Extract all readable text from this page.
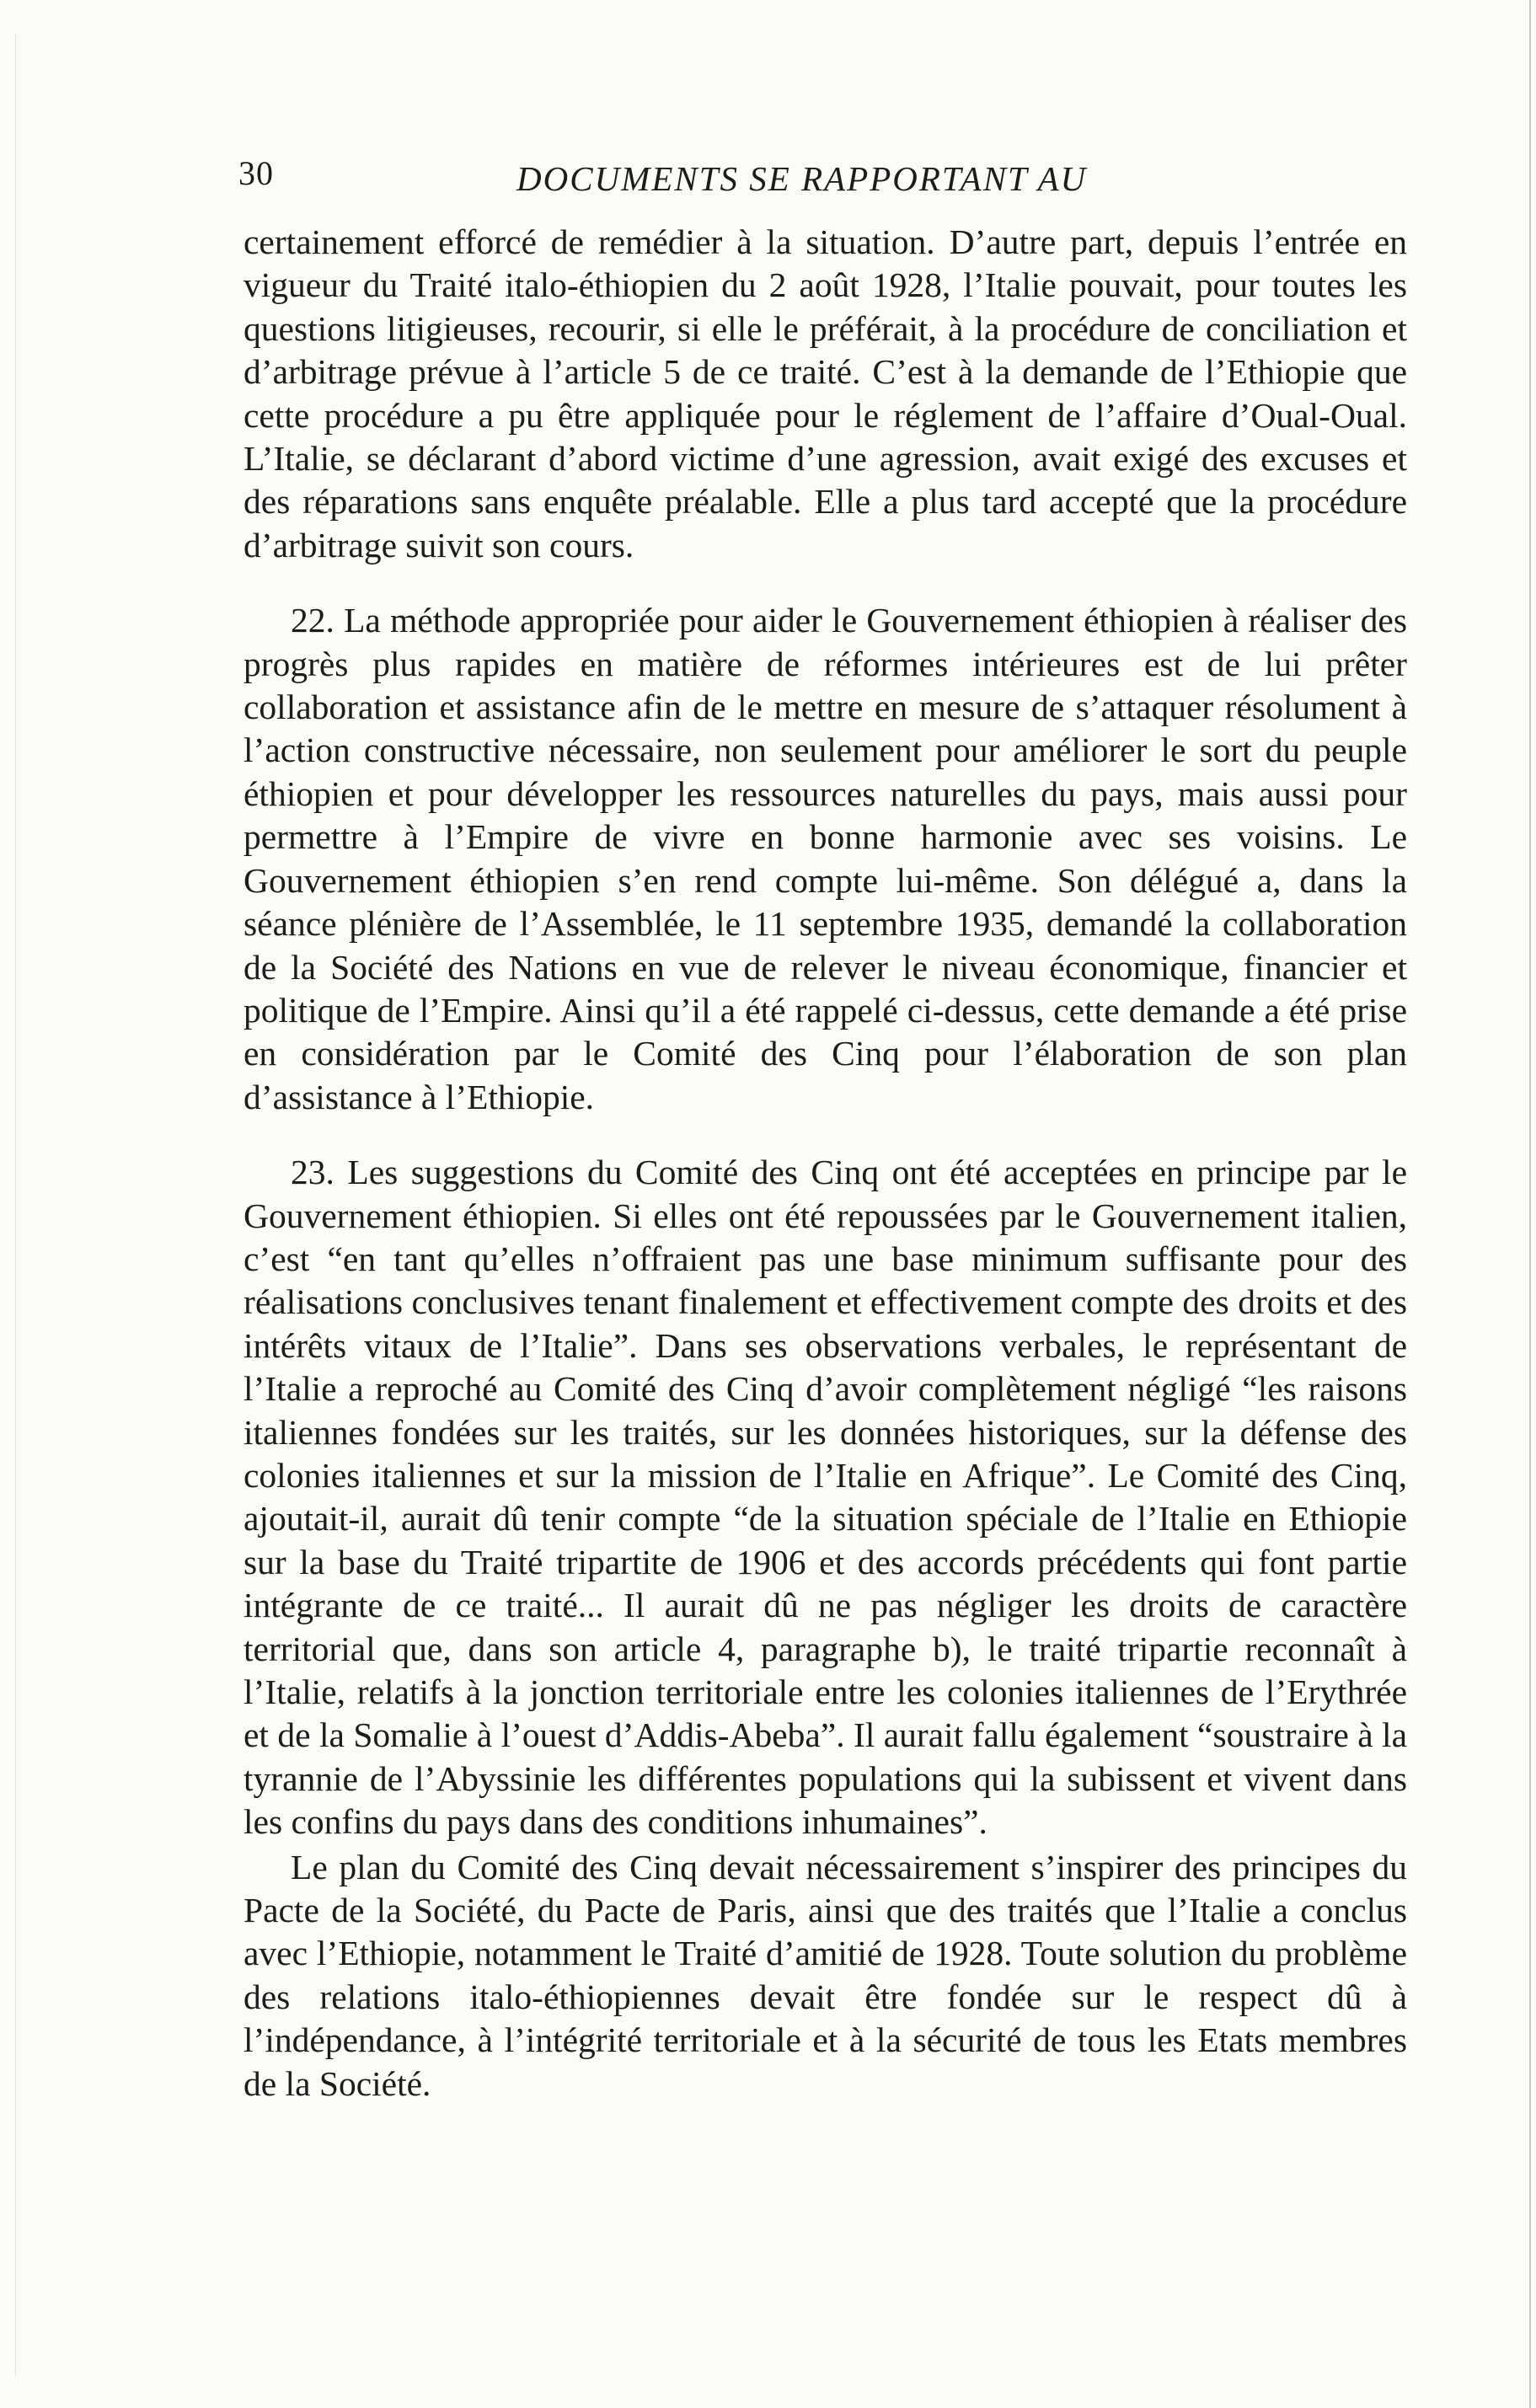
30	DOCUMENTS SE RAPPORTANT AU

certainement efforcé de remédier à la situation. D’autre part, depuis l’entrée en vigueur du Traité italo-éthiopien du 2 août 1928, l’Italie pouvait, pour toutes les questions litigieuses, recourir, si elle le préférait, à la procédure de conciliation et d’arbitrage prévue à l’article 5 de ce traité. C’est à la demande de l’Ethiopie que cette procédure a pu être appliquée pour le réglement de l’affaire d’Oual-Oual. L’Italie, se déclarant d’abord victime d’une agression, avait exigé des excuses et des réparations sans enquête préalable. Elle a plus tard accepté que la procédure d’arbitrage suivit son cours.

22. La méthode appropriée pour aider le Gouvernement éthiopien à réaliser des progrès plus rapides en matière de réformes intérieures est de lui prêter collaboration et assistance afin de le mettre en mesure de s’attaquer résolument à l’action constructive nécessaire, non seulement pour améliorer le sort du peuple éthiopien et pour développer les ressources naturelles du pays, mais aussi pour permettre à l’Empire de vivre en bonne harmonie avec ses voisins. Le Gouvernement éthiopien s’en rend compte lui-même. Son délégué a, dans la séance plénière de l’Assemblée, le 11 septembre 1935, demandé la collaboration de la Société des Nations en vue de relever le niveau économique, financier et politique de l’Empire. Ainsi qu’il a été rappelé ci-dessus, cette demande a été prise en considération par le Comité des Cinq pour l’élaboration de son plan d’assistance à l’Ethiopie.

23. Les suggestions du Comité des Cinq ont été acceptées en principe par le Gouvernement éthiopien. Si elles ont été repoussées par le Gouvernement italien, c’est “en tant qu’elles n’offraient pas une base minimum suffisante pour des réalisations conclusives tenant finalement et effectivement compte des droits et des intérêts vitaux de l’Italie”. Dans ses observations verbales, le représentant de l’Italie a reproché au Comité des Cinq d’avoir complètement négligé “les raisons italiennes fondées sur les traités, sur les données historiques, sur la défense des colonies italiennes et sur la mission de l’Italie en Afrique”. Le Comité des Cinq, ajoutait-il, aurait dû tenir compte “de la situation spéciale de l’Italie en Ethiopie sur la base du Traité tripartite de 1906 et des accords précédents qui font partie intégrante de ce traité... Il aurait dû ne pas négliger les droits de caractère territorial que, dans son article 4, paragraphe b), le traité tripartie reconnaît à l’Italie, relatifs à la jonction territoriale entre les colonies italiennes de l’Erythrée et de la Somalie à l’ouest d’Addis-Abeba”. Il aurait fallu également “soustraire à la tyrannie de l’Abyssinie les différentes populations qui la subissent et vivent dans les confins du pays dans des conditions inhumaines”.

Le plan du Comité des Cinq devait nécessairement s’inspirer des principes du Pacte de la Société, du Pacte de Paris, ainsi que des traités que l’Italie a conclus avec l’Ethiopie, notamment le Traité d’amitié de 1928. Toute solution du problème des relations italo-éthiopiennes devait être fondée sur le respect dû à l’indépendance, à l’intégrité territoriale et à la sécurité de tous les Etats membres de la Société.
